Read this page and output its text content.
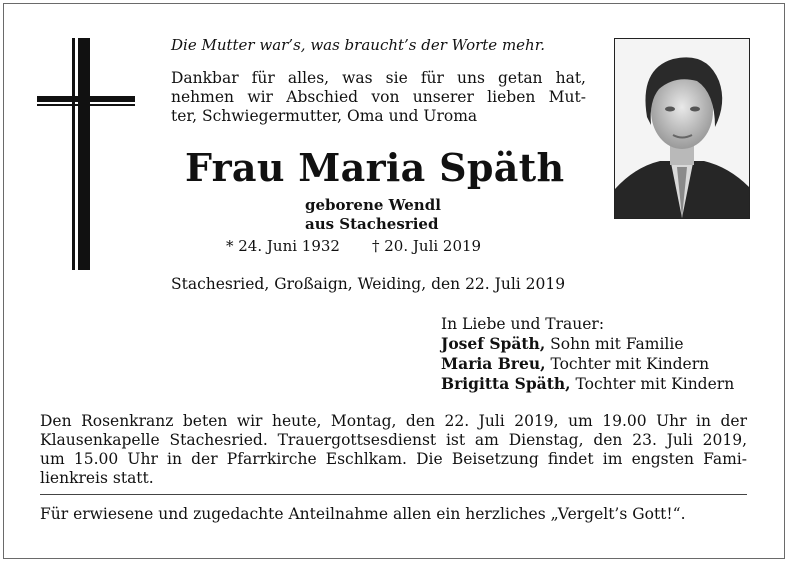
Die Mutter war’s, was braucht’s der Worte mehr.
Dankbar für alles, was sie für uns getan hat,
nehmen wir Abschied von unserer lieben Mut-
ter, Schwiegermutter, Oma und Uroma
Frau Maria Späth
geborene Wendl
aus Stachesried
* 24. Juni 1932 † 20. Juli 2019
Stachesried, Großaign, Weiding, den 22. Juli 2019
In Liebe und Trauer:
Josef Späth, Sohn mit Familie
Maria Breu, Tochter mit Kindern
Brigitta Späth, Tochter mit Kindern
Den Rosenkranz beten wir heute, Montag, den 22. Juli 2019, um 19.00 Uhr in der
Klausenkapelle Stachesried. Trauergottsesdienst ist am Dienstag, den 23. Juli 2019,
um 15.00 Uhr in der Pfarrkirche Eschlkam. Die Beisetzung findet im engsten Fami-
lienkreis statt.
Für erwiesene und zugedachte Anteilnahme allen ein herzliches „Vergelt’s Gott!“.
